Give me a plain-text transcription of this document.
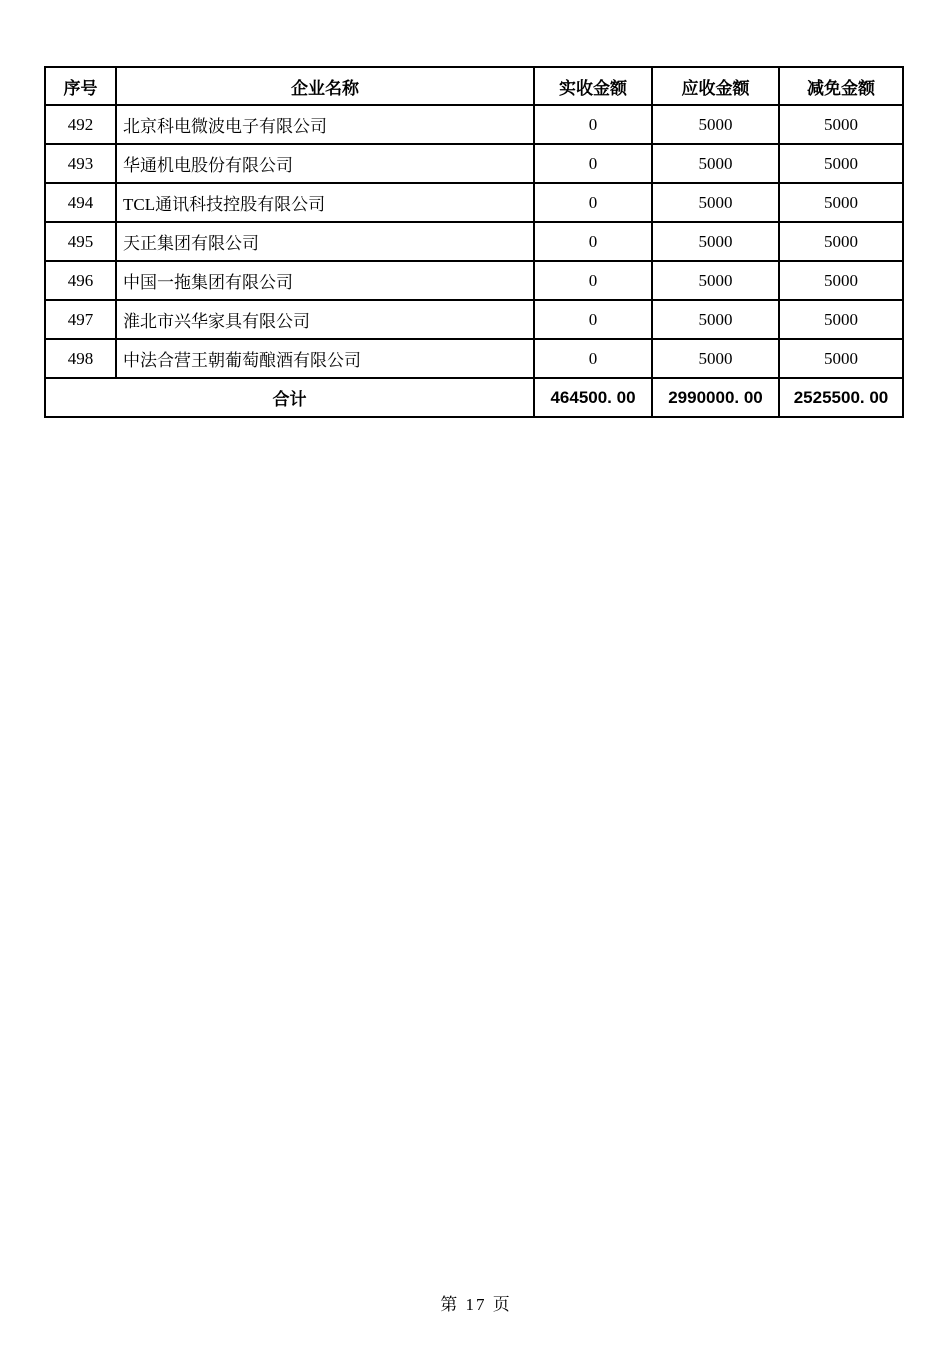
序号	企业名称	实收金额	应收金额	减免金额
492	北京科电微波电子有限公司	0	5000	5000
493	华通机电股份有限公司	0	5000	5000
494	TCL通讯科技控股有限公司	0	5000	5000
495	天正集团有限公司	0	5000	5000
496	中国一拖集团有限公司	0	5000	5000
497	淮北市兴华家具有限公司	0	5000	5000
498	中法合营王朝葡萄酿酒有限公司	0	5000	5000
合计		464500. 00	2990000. 00	2525500. 00
第 17 页
